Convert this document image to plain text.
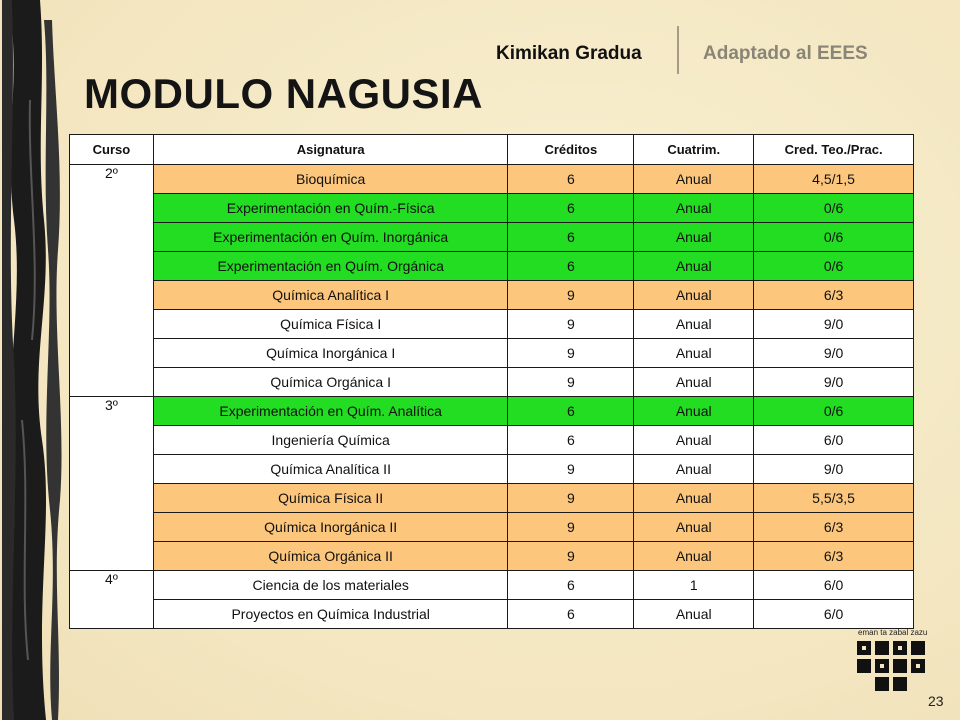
Kimikan Gradua	Adaptado al EEES
MODULO NAGUSIA
Curso	Asignatura	Créditos	Cuatrim.	Cred. Teo./Prac.
2º	Bioquímica	6	Anual	4,5/1,5
	Experimentación en Quím.-Física	6	Anual	0/6
	Experimentación en Quím. Inorgánica	6	Anual	0/6
	Experimentación en Quím. Orgánica	6	Anual	0/6
	Química Analítica I	9	Anual	6/3
	Química Física I	9	Anual	9/0
	Química Inorgánica I	9	Anual	9/0
	Química Orgánica I	9	Anual	9/0
3º	Experimentación en Quím. Analítica	6	Anual	0/6
	Ingeniería Química	6	Anual	6/0
	Química Analítica II	9	Anual	9/0
	Química Física II	9	Anual	5,5/3,5
	Química Inorgánica II	9	Anual	6/3
	Química Orgánica II	9	Anual	6/3
4º	Ciencia de los materiales	6	1	6/0
	Proyectos en Química Industrial	6	Anual	6/0
eman ta zabal zazu
23
